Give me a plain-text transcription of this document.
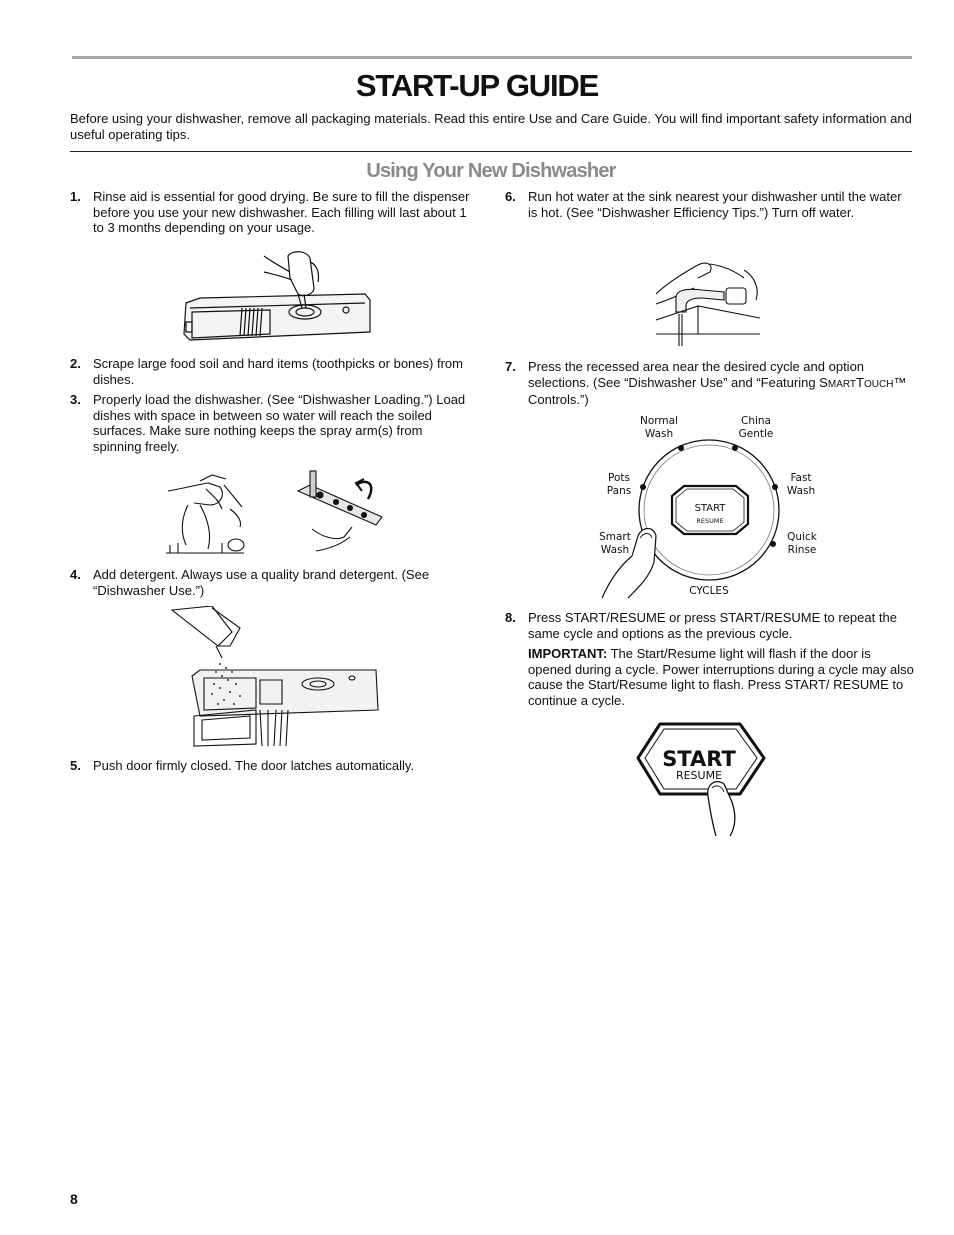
START-UP GUIDE

Before using your dishwasher, remove all packaging materials. Read this entire Use and Care Guide. You will find important safety information and useful operating tips.

Using Your New Dishwasher
1. Rinse aid is essential for good drying. Be sure to fill the dispenser before you use your new dishwasher. Each filling will last about 1 to 3 months depending on your usage.

2. Scrape large food soil and hard items (toothpicks or bones) from dishes.

3. Properly load the dishwasher. (See “Dishwasher Loading.”) Load dishes with space in between so water will reach the soiled surfaces. Make sure nothing keeps the spray arm(s) from spinning freely.

4. Add detergent. Always use a quality brand detergent. (See “Dishwasher Use.”)

5. Push door firmly closed. The door latches automatically.

6. Run hot water at the sink nearest your dishwasher until the water is hot. (See “Dishwasher Efficiency Tips.”) Turn off water.

7. Press the recessed area near the desired cycle and option selections. (See “Dishwasher Use” and “Featuring SMARTTOUCH™ Controls.”)

START
RESUME
Normal
Wash
China
Gentle
Pots
Pans
Fast
Wash
Smart
Wash
Quick
Rinse
CYCLES
8. Press START/RESUME or press START/RESUME to repeat the same cycle and options as the previous cycle.

IMPORTANT: The Start/Resume light will flash if the door is opened during a cycle. Power interruptions during a cycle may also cause the Start/Resume light to flash. Press START/ RESUME to continue a cycle.

START
RESUME
8
